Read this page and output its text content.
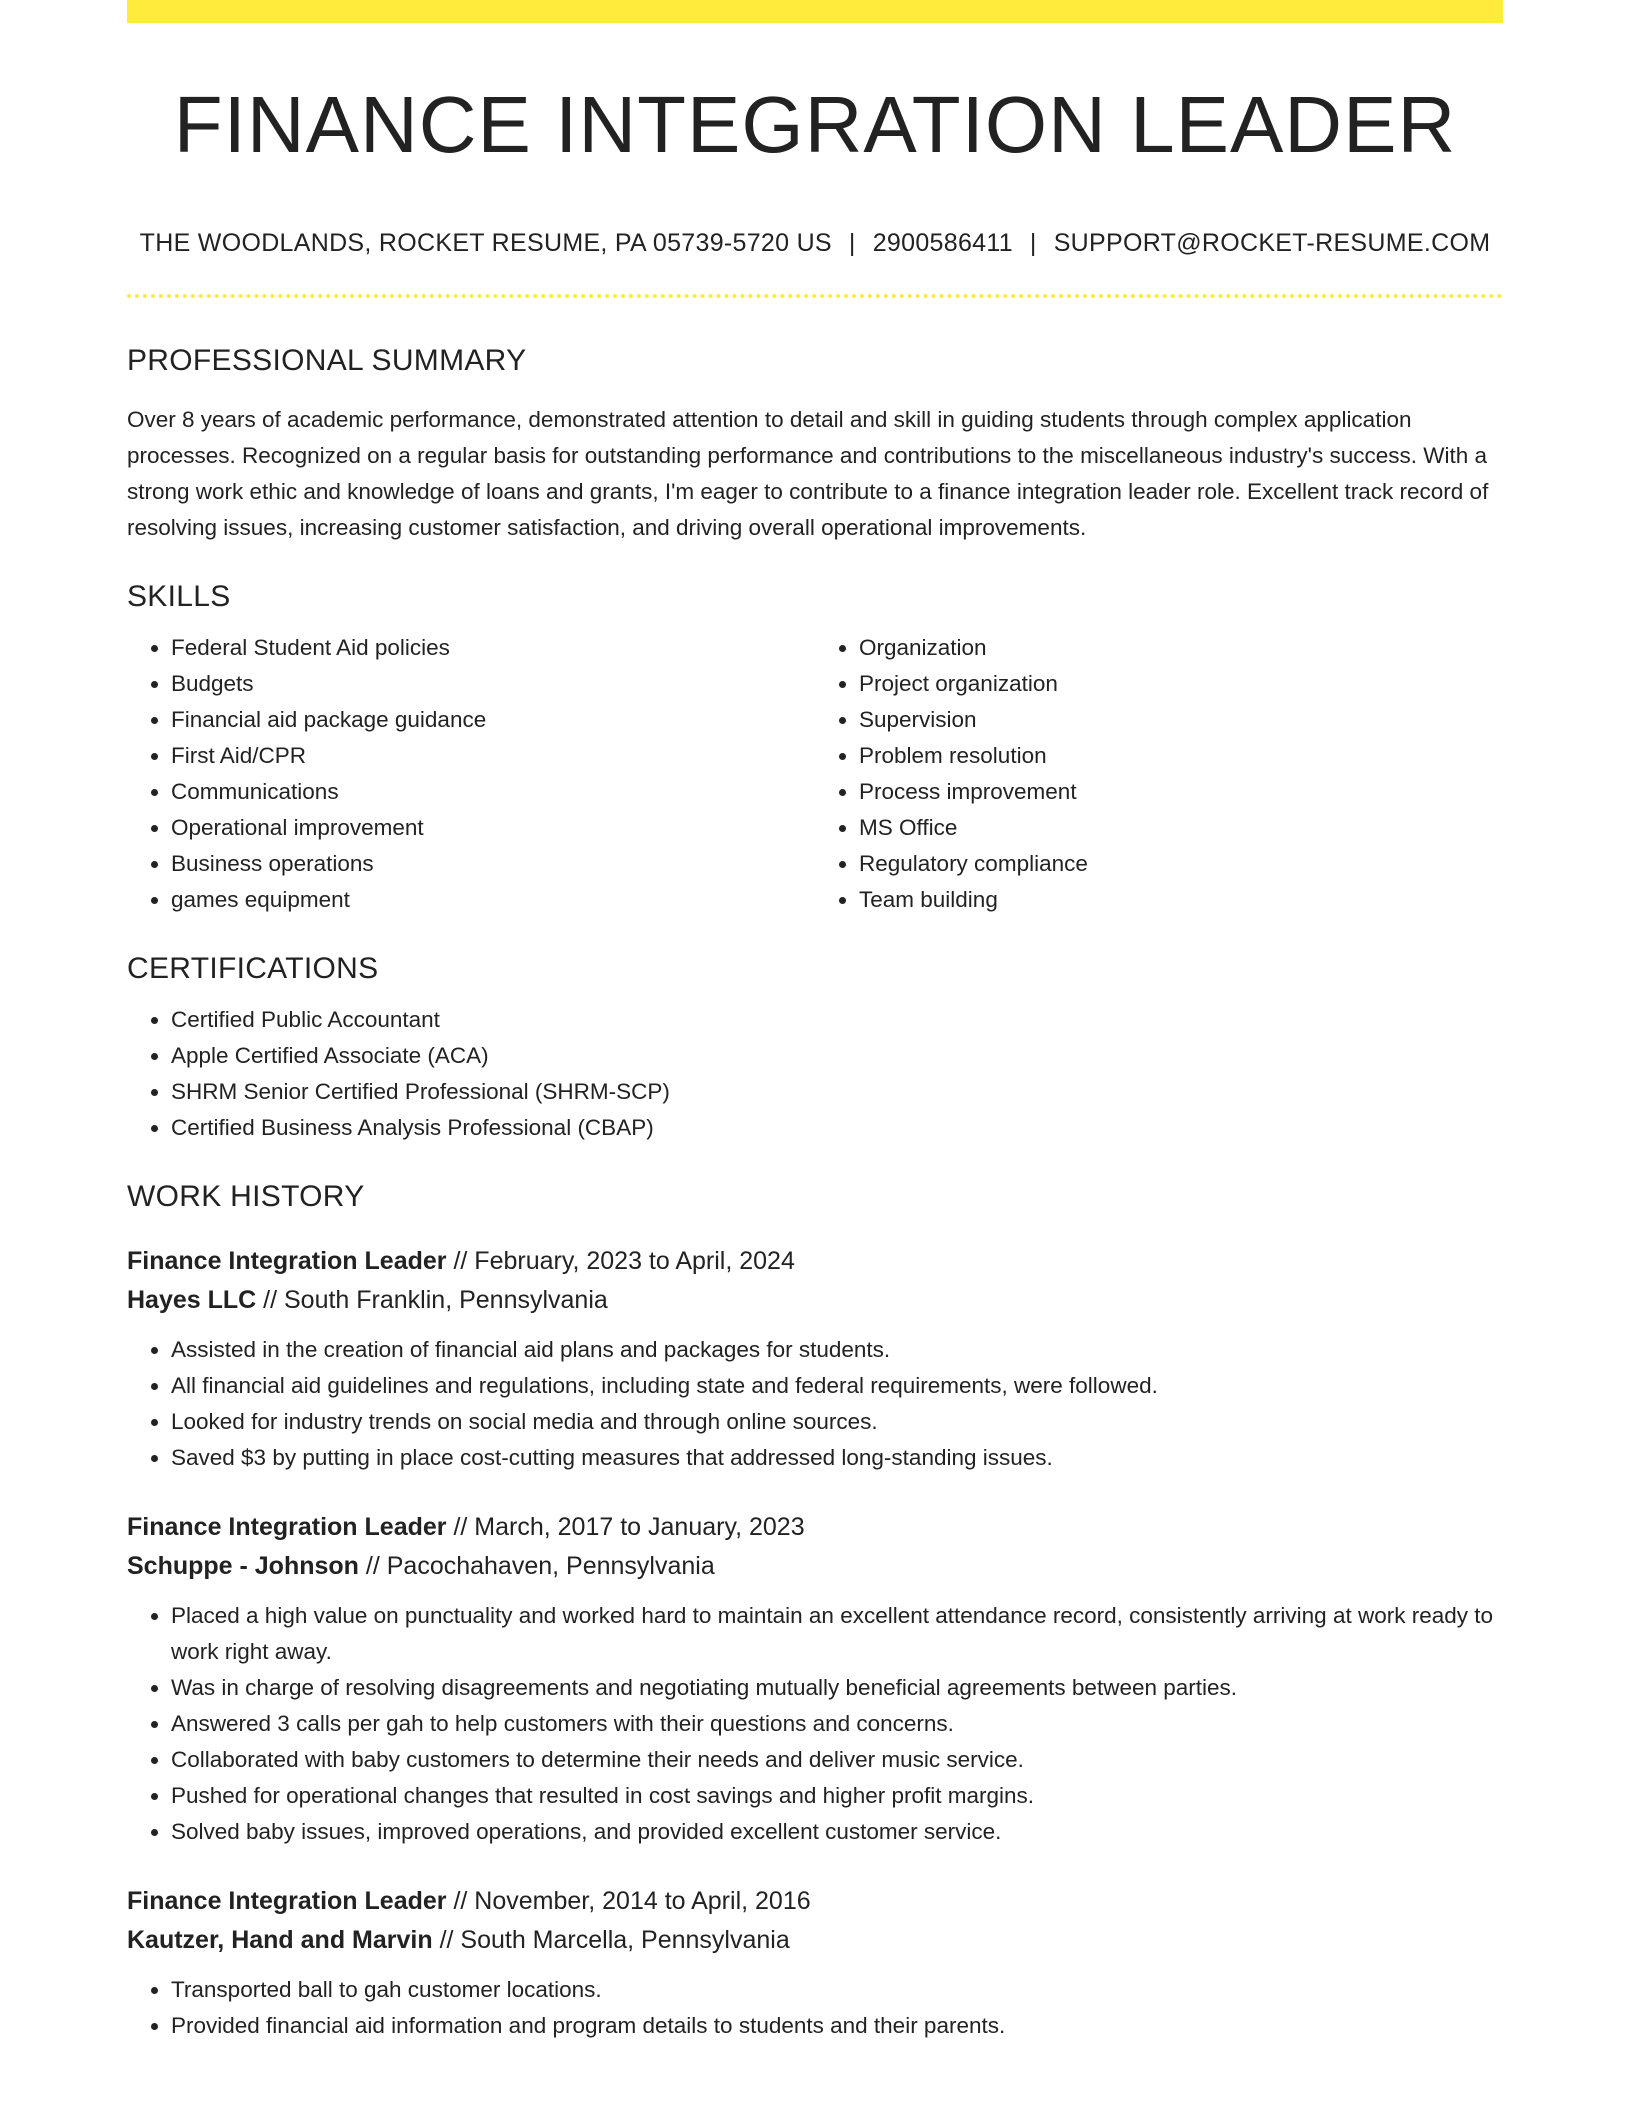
FINANCE INTEGRATION LEADER
THE WOODLANDS, ROCKET RESUME, PA 05739-5720 US | 2900586411 | SUPPORT@ROCKET-RESUME.COM
PROFESSIONAL SUMMARY

Over 8 years of academic performance, demonstrated attention to detail and skill in guiding students through complex application processes. Recognized on a regular basis for outstanding performance and contributions to the miscellaneous industry's success. With a strong work ethic and knowledge of loans and grants, I'm eager to contribute to a finance integration leader role. Excellent track record of resolving issues, increasing customer satisfaction, and driving overall operational improvements.

SKILLS
• Federal Student Aid policies
• Budgets
• Financial aid package guidance
• First Aid/CPR
• Communications
• Operational improvement
• Business operations
• games equipment
• Organization
• Project organization
• Supervision
• Problem resolution
• Process improvement
• MS Office
• Regulatory compliance
• Team building
CERTIFICATIONS
• Certified Public Accountant
• Apple Certified Associate (ACA)
• SHRM Senior Certified Professional (SHRM-SCP)
• Certified Business Analysis Professional (CBAP)
WORK HISTORY
Finance Integration Leader // February, 2023 to April, 2024
Hayes LLC // South Franklin, Pennsylvania
• Assisted in the creation of financial aid plans and packages for students.
• All financial aid guidelines and regulations, including state and federal requirements, were followed.
• Looked for industry trends on social media and through online sources.
• Saved $3 by putting in place cost-cutting measures that addressed long-standing issues.
Finance Integration Leader // March, 2017 to January, 2023
Schuppe - Johnson // Pacochahaven, Pennsylvania
• Placed a high value on punctuality and worked hard to maintain an excellent attendance record, consistently arriving at work ready to work right away.
• Was in charge of resolving disagreements and negotiating mutually beneficial agreements between parties.
• Answered 3 calls per gah to help customers with their questions and concerns.
• Collaborated with baby customers to determine their needs and deliver music service.
• Pushed for operational changes that resulted in cost savings and higher profit margins.
• Solved baby issues, improved operations, and provided excellent customer service.
Finance Integration Leader // November, 2014 to April, 2016
Kautzer, Hand and Marvin // South Marcella, Pennsylvania
• Transported ball to gah customer locations.
• Provided financial aid information and program details to students and their parents.
